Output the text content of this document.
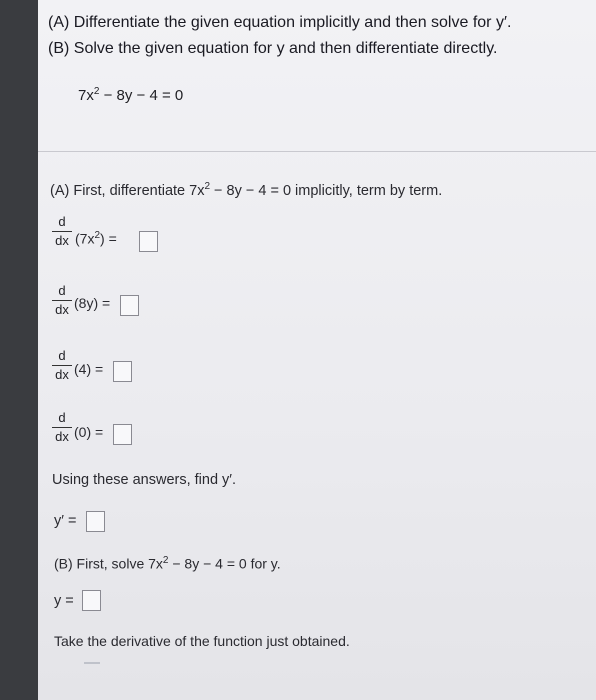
(A) Differentiate the given equation implicitly and then solve for y′.
(B) Solve the given equation for y and then differentiate directly.
$7x^2 - 8y - 4 = 0$
(A) First, differentiate $7x^2 - 8y - 4 = 0$ implicitly, term by term.
d
dx $(7x^2)$ =
d
dx (8y) =
d
dx (4) =
d
dx (0) =
Using these answers, find y′.
y′ =
(B) First, solve $7x^2 - 8y - 4 = 0$ for y.
y =
Take the derivative of the function just obtained.
